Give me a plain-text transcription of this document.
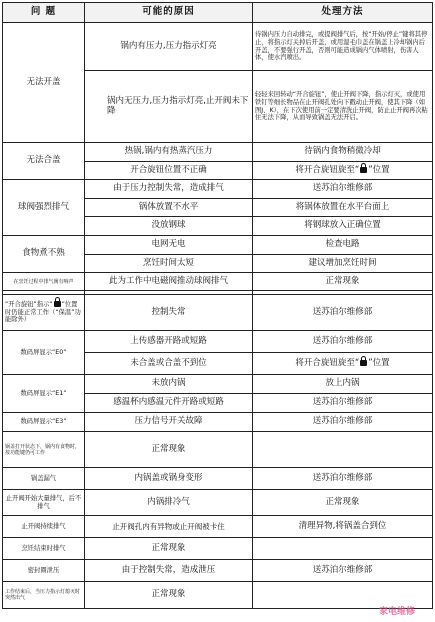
问 题	可能的原因	处理方法
无法开盖	锅内有压力,压力指示灯亮	待锅内压力自动排完，或提阀排气后，按“开始/停止”键将其停止，将指示灯关掉后开盖，或用湿毛巾盖在锅盖上冷却锅内后开盖，不要强行开盖，否则可能造成锅内气体喷射，伤害人体，使水汽喷出。
	锅内无压力,压力指示灯亮,止开阀未下降	轻轻来回转动“开合旋钮”，使止开阀下降，指示灯灭，或使用铁钉等细长物品在止开阀孔处向下戳动止开阀，使其下降（如图J、K），在下次使用前一定要清洗止开阀，防止止开阀再次粘住无法下降，从而导致锅盖无法开启。
无法合盖	热锅,锅内有热蒸汽压力	待锅内食物稍微冷却
	开合旋钮位置不正确	将开合旋钮旋至“ ”位置
球阀强烈排气	由于压力控制失常，造成排气	送苏泊尔维修部
	锅体放置不水平	将锅体放置在水平台面上
	没放钢球	将钢球放入正确位置
食物煮不熟	电网无电	检查电路
	烹饪时间太短	建议增加烹饪时间
在烹饪过程中排气阀有响声	此为工作中电磁阀推动球阀排气	正常现象

“开合旋钮”指示“ ”位置时仍能正常工作（“保温”功能除外）	控制失常	送苏泊尔维修部
数码屏显示“E0”	上传感器开路或短路	送苏泊尔维修部
	未合盖或合盖不到位	将开合旋钮旋至“ ”位置
数码屏显示“E1”	未放内锅	放上内锅
	感温杯内感温元件开路或短路	送苏泊尔维修部
数码屏显示“E3”	压力信号开关故障	送苏泊尔维修部
锅盖打开状态下，锅内有食物时，按功能键仍可工作	正常现象	
锅盖漏气	内锅盖或锅身变形	送苏泊尔维修部
止开阀开始大量排气，后不排气	内锅排冷气	正常现象
止开阀持续排气	止开阀孔内有异物或止开阀被卡住	清理异物,将锅盖合到位
烹饪结束时排气	正常现象	
密封圈泄压	由于控制失常，造成泄压	送苏泊尔维修部
工作结束后，当压力指示灯熄灭时突然出气	正常现象	
家电维修
